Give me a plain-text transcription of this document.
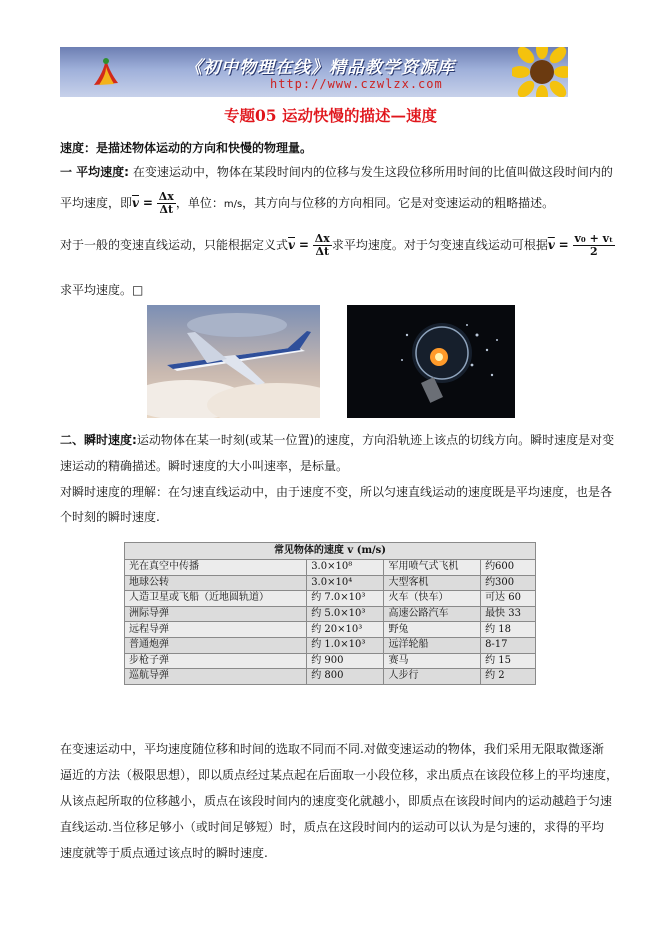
《初中物理在线》精品教学资源库
http://www.czwlzx.com
专题05 运动快慢的描述—速度
速度：是描述物体运动的方向和快慢的物理量。
一 平均速度: 在变速运动中，物体在某段时间内的位移与发生这段位移所用时间的比值叫做这段时间内的
平均速度，即$\overline{v} = \frac{\Delta x}{\Delta t}$ ，单位：m/s，其方向与位移的方向相同。它是对变速运动的粗略描述。
对于一般的变速直线运动，只能根据定义式$\overline{v} = \frac{\Delta x}{\Delta t}$ 求平均速度。对于匀变速直线运动可根据$\overline{v} = \frac{\text{v₀ + vₜ}}{2}$
求平均速度。□
二、瞬时速度:运动物体在某一时刻(或某一位置)的速度，方向沿轨迹上该点的切线方向。瞬时速度是对变
速运动的精确描述。瞬时速度的大小叫速率，是标量。
对瞬时速度的理解：在匀速直线运动中，由于速度不变，所以匀速直线运动的速度既是平均速度，也是各
个时刻的瞬时速度.
常见物体的速度 v (m/s)			
光在真空中传播	3.0×10⁸	军用喷气式飞机	约600
地球公转	3.0×10⁴	大型客机	约300
人造卫星或飞船（近地圆轨道）	约 7.0×10³	火车（快车）	可达 60
洲际导弹	约 5.0×10³	高速公路汽车	最快 33
远程导弹	约 20×10³	野兔	约 18
普通炮弹	约 1.0×10³	远洋轮船	8-17
步枪子弹	约 900	赛马	约 15
巡航导弹	约 800	人步行	约 2
在变速运动中，平均速度随位移和时间的选取不同而不同.对做变速运动的物体，我们采用无限取微逐渐
逼近的方法（极限思想），即以质点经过某点起在后面取一小段位移，求出质点在该段位移上的平均速度，
从该点起所取的位移越小，质点在该段时间内的速度变化就越小，即质点在该段时间内的运动越趋于匀速
直线运动.当位移足够小（或时间足够短）时，质点在这段时间内的运动可以认为是匀速的，求得的平均
速度就等于质点通过该点时的瞬时速度.
